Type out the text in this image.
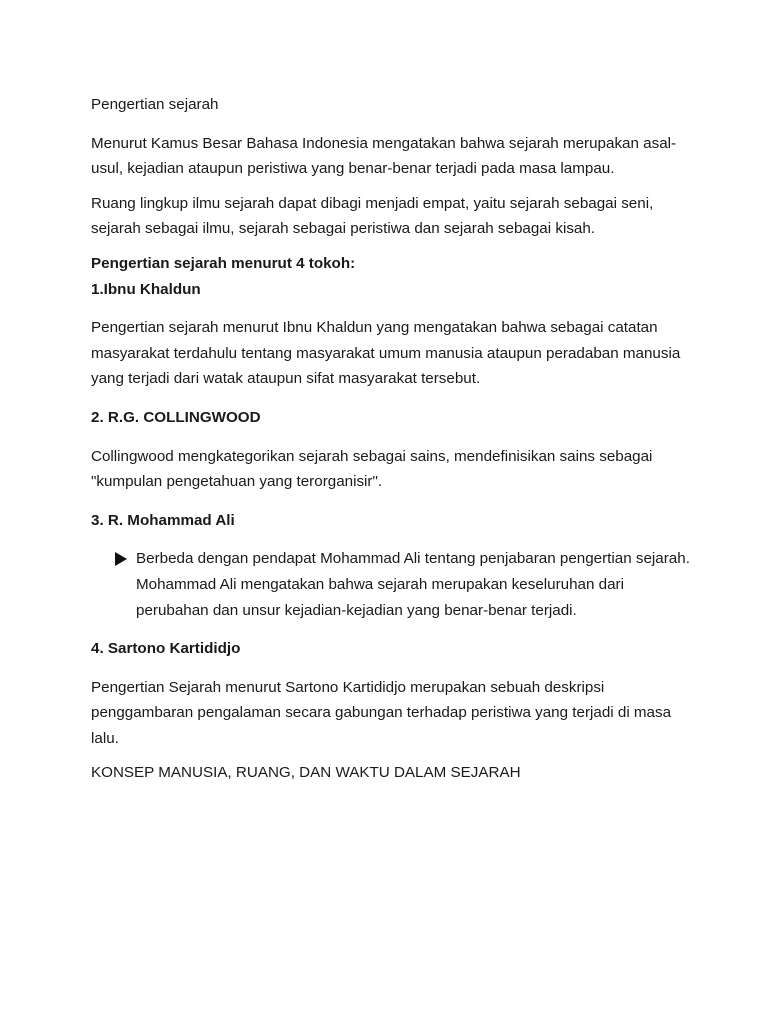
Pengertian sejarah

Menurut Kamus Besar Bahasa Indonesia mengatakan bahwa sejarah merupakan asal-usul, kejadian ataupun peristiwa yang benar-benar terjadi pada masa lampau.

Ruang lingkup ilmu sejarah dapat dibagi menjadi empat, yaitu sejarah sebagai seni, sejarah sebagai ilmu, sejarah sebagai peristiwa dan sejarah sebagai kisah.

Pengertian sejarah menurut 4 tokoh:

1.Ibnu Khaldun

Pengertian sejarah menurut Ibnu Khaldun yang mengatakan bahwa sebagai catatan masyarakat terdahulu tentang masyarakat umum manusia ataupun peradaban manusia yang terjadi dari watak ataupun sifat masyarakat tersebut.

2. R.G. COLLINGWOOD

Collingwood mengkategorikan sejarah sebagai sains, mendefinisikan sains sebagai "kumpulan pengetahuan yang terorganisir".

3. R. Mohammad Ali

Berbeda dengan pendapat Mohammad Ali tentang penjabaran pengertian sejarah. Mohammad Ali mengatakan bahwa sejarah merupakan keseluruhan dari perubahan dan unsur kejadian-kejadian yang benar-benar terjadi.

4. Sartono Kartididjo

Pengertian Sejarah menurut Sartono Kartididjo merupakan sebuah deskripsi penggambaran pengalaman secara gabungan terhadap peristiwa yang terjadi di masa lalu.

KONSEP MANUSIA, RUANG, DAN WAKTU DALAM SEJARAH
